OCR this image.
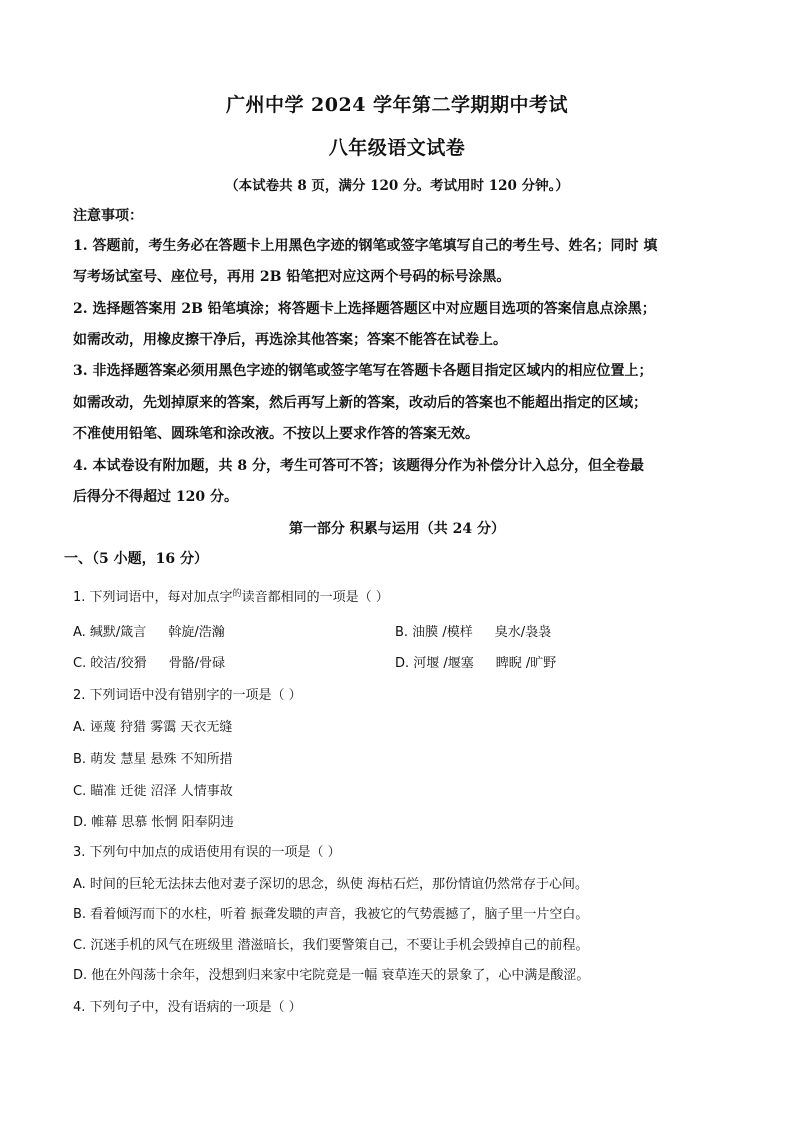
广州中学 2024 学年第二学期期中考试
八年级语文试卷
（本试卷共 8 页，满分 120 分。考试用时 120 分钟。）
注意事项：
1. 答题前，考生务必在答题卡上用黑色字迹的钢笔或签字笔填写自己的考生号、姓名；同时 填
写考场试室号、座位号，再用 2B 铅笔把对应这两个号码的标号涂黑。
2. 选择题答案用 2B 铅笔填涂；将答题卡上选择题答题区中对应题目选项的答案信息点涂黑；
如需改动，用橡皮擦干净后，再选涂其他答案；答案不能答在试卷上。
3. 非选择题答案必须用黑色字迹的钢笔或签字笔写在答题卡各题目指定区域内的相应位置上；
如需改动，先划掉原来的答案，然后再写上新的答案，改动后的答案也不能超出指定的区域；
不准使用铅笔、圆珠笔和涂改液。不按以上要求作答的答案无效。
4. 本试卷设有附加题，共 8 分，考生可答可不答；该题得分作为补偿分计入总分，但全卷最
后得分不得超过 120 分。
第一部分 积累与运用（共 24 分）
一、（5 小题，16 分）
1. 下列词语中，每对加点字$^的$读音都相同的一项是（ ）
A. 缄默/箴言 斡旋/浩瀚	B. 油膜 /模样 臭水/袅袅
C. 皎洁/狡猾 骨骼/骨碌	D. 河堰 /堰塞 睥睨 /旷野
2. 下列词语中没有错别字的一项是（ ）
A. 诬蔑 狩猎 雾霭 天衣无缝
B. 萌发 慧星 悬殊 不知所措
C. 瞄准 迁徙 沼泽 人情事故
D. 帷幕 思慕 怅惘 阳奉阴违
3. 下列句中加点的成语使用有误的一项是（ ）
A. 时间的巨轮无法抹去他对妻子深切的思念，纵使 海枯石烂，那份情谊仍然常存于心间。
B. 看着倾泻而下的水柱，听着 振聋发聩的声音，我被它的气势震撼了，脑子里一片空白。
C. 沉迷手机的风气在班级里 潜滋暗长，我们要警策自己，不要让手机会毁掉自己的前程。
D. 他在外闯荡十余年，没想到归来家中宅院竟是一幅 衰草连天的景象了，心中满是酸涩。
4. 下列句子中，没有语病的一项是（ ）
